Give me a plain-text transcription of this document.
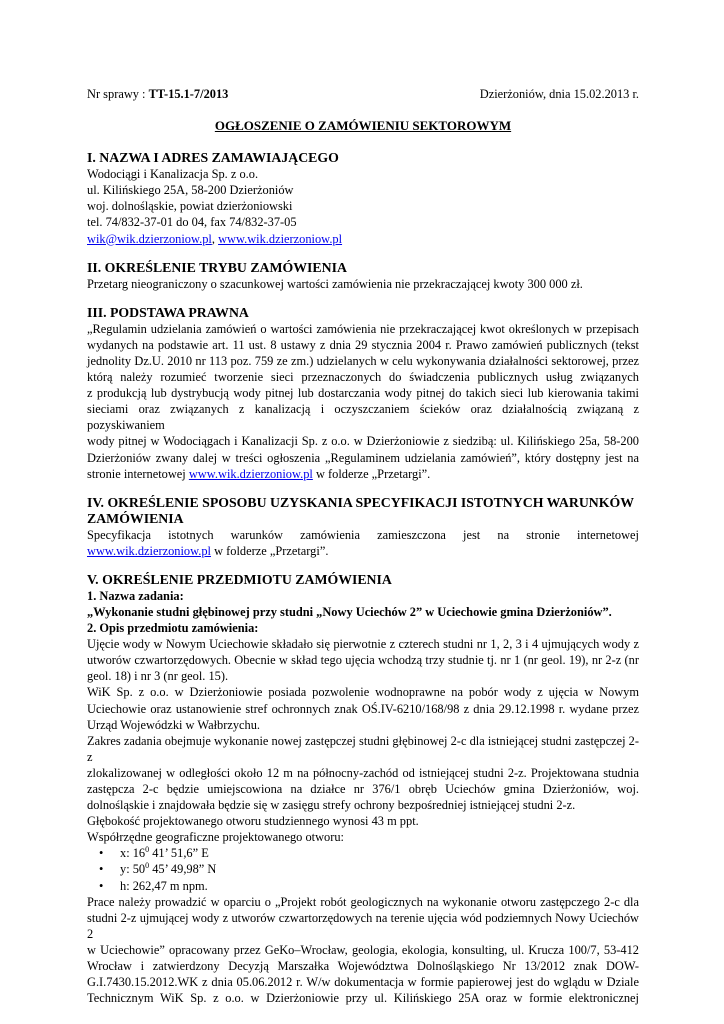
Nr sprawy : TT-15.1-7/2013	Dzierżoniów, dnia 15.02.2013 r.
OGŁOSZENIE O ZAMÓWIENIU SEKTOROWYM
I. NAZWA I ADRES ZAMAWIAJĄCEGO
Wodociągi i Kanalizacja Sp. z o.o.
ul. Kilińskiego 25A, 58-200 Dzierżoniów
woj. dolnośląskie, powiat dzierżoniowski
tel. 74/832-37-01 do 04, fax 74/832-37-05
wik@wik.dzierzoniow.pl, www.wik.dzierzoniow.pl
II. OKREŚLENIE TRYBU ZAMÓWIENIA
Przetarg nieograniczony o szacunkowej wartości zamówienia nie przekraczającej kwoty 300 000 zł.
III. PODSTAWA PRAWNA
„Regulamin udzielania zamówień o wartości zamówienia nie przekraczającej kwot określonych w przepisach
wydanych na podstawie art. 11 ust. 8 ustawy z dnia 29 stycznia 2004 r. Prawo zamówień publicznych (tekst
jednolity Dz.U. 2010 nr 113 poz. 759 ze zm.) udzielanych w celu wykonywania działalności sektorowej, przez
którą należy rozumieć tworzenie sieci przeznaczonych do świadczenia publicznych usług związanych
z produkcją lub dystrybucją wody pitnej lub dostarczania wody pitnej do takich sieci lub kierowania takimi
sieciami oraz związanych z kanalizacją i oczyszczaniem ścieków oraz działalnością związaną z pozyskiwaniem
wody pitnej w Wodociągach i Kanalizacji Sp. z o.o. w Dzierżoniowie z siedzibą: ul. Kilińskiego 25a, 58-200
Dzierżoniów zwany dalej w treści ogłoszenia „Regulaminem udzielania zamówień”, który dostępny jest na
stronie internetowej www.wik.dzierzoniow.pl w folderze „Przetargi”.
IV. OKREŚLENIE SPOSOBU UZYSKANIA SPECYFIKACJI ISTOTNYCH WARUNKÓW
ZAMÓWIENIA
Specyfikacja istotnych warunków zamówienia zamieszczona jest na stronie internetowej
www.wik.dzierzoniow.pl w folderze „Przetargi”.
V. OKREŚLENIE PRZEDMIOTU ZAMÓWIENIA
1. Nazwa zadania:
„Wykonanie studni głębinowej przy studni „Nowy Uciechów 2” w Uciechowie gmina Dzierżoniów”.
2. Opis przedmiotu zamówienia:
Ujęcie wody w Nowym Uciechowie składało się pierwotnie z czterech studni nr 1, 2, 3 i 4 ujmujących wody z
utworów czwartorzędowych. Obecnie w skład tego ujęcia wchodzą trzy studnie tj. nr 1 (nr geol. 19), nr 2-z (nr
geol. 18) i nr 3 (nr geol. 15).
WiK Sp. z o.o. w Dzierżoniowie posiada pozwolenie wodnoprawne na pobór wody z ujęcia w Nowym
Uciechowie oraz ustanowienie stref ochronnych znak OŚ.IV-6210/168/98 z dnia 29.12.1998 r. wydane przez
Urząd Wojewódzki w Wałbrzychu.
Zakres zadania obejmuje wykonanie nowej zastępczej studni głębinowej 2-c dla istniejącej studni zastępczej 2-z
zlokalizowanej w odległości około 12 m na północny-zachód od istniejącej studni 2-z. Projektowana studnia
zastępcza 2-c będzie umiejscowiona na działce nr 376/1 obręb Uciechów gmina Dzierżoniów, woj.
dolnośląskie i znajdowała będzie się w zasięgu strefy ochrony bezpośredniej istniejącej studni 2-z.
Głębokość projektowanego otworu studziennego wynosi 43 m ppt.
Współrzędne geograficzne projektowanego otworu:
• x: $16^0$ 41’ 51,6” E
• y: $50^0$ 45’ 49,98” N
• h: 262,47 m npm.
Prace należy prowadzić w oparciu o „Projekt robót geologicznych na wykonanie otworu zastępczego 2-c dla
studni 2-z ujmującej wody z utworów czwartorzędowych na terenie ujęcia wód podziemnych Nowy Uciechów 2
w Uciechowie” opracowany przez GeKo–Wrocław, geologia, ekologia, konsulting, ul. Krucza 100/7, 53-412
Wrocław i zatwierdzony Decyzją Marszałka Województwa Dolnośląskiego Nr 13/2012 znak DOW-
G.I.7430.15.2012.WK z dnia 05.06.2012 r. W/w dokumentacja w formie papierowej jest do wglądu w Dziale
Technicznym WiK Sp. z o.o. w Dzierżoniowie przy ul. Kilińskiego 25A oraz w formie elektronicznej
